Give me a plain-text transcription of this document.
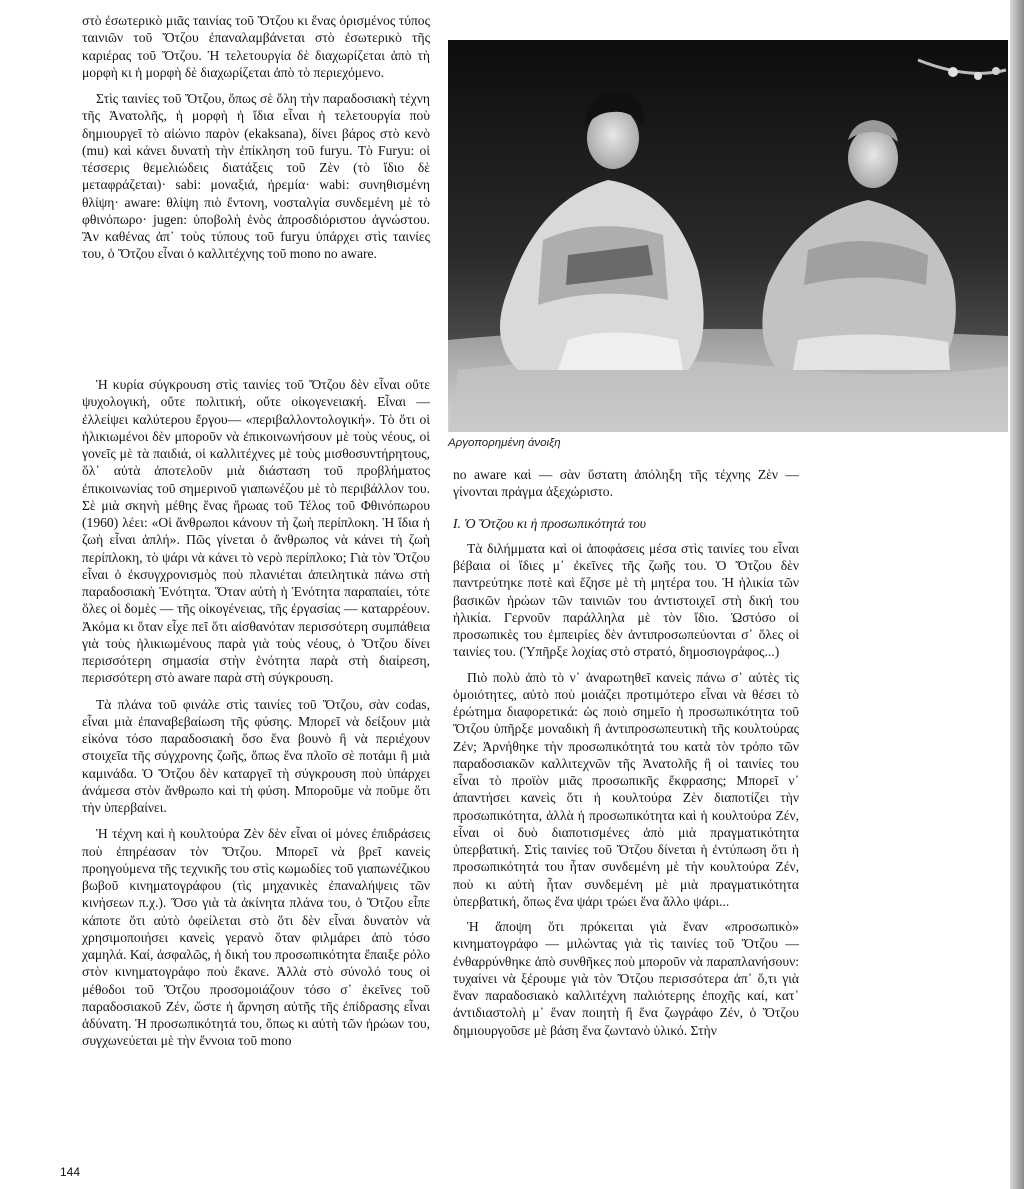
στὸ ἐσωτερικὸ μιᾶς ταινίας τοῦ Ὄτζου κι ἕνας ὁρισμένος τύπος ταινιῶν τοῦ Ὄτζου ἐπαναλαμβάνεται στὸ ἐσωτερικὸ τῆς καριέρας τοῦ Ὄτζου. Ἡ τελετουργία δὲ διαχωρίζεται ἀπὸ τὴ μορφὴ κι ἡ μορφὴ δὲ διαχωρίζεται ἀπὸ τὸ περιεχόμενο.

Στὶς ταινίες τοῦ Ὄτζου, ὅπως σὲ ὅλη τὴν παραδοσιακὴ τέχνη τῆς Ἀνατολῆς, ἡ μορφὴ ἡ ἴδια εἶναι ἡ τελετουργία ποὺ δημιουργεῖ τὸ αἰώνιο παρὸν (ekaksana), δίνει βάρος στὸ κενὸ (mu) καὶ κάνει δυνατὴ τὴν ἐπίκληση τοῦ furyu. Τὸ Furyu: οἱ τέσσερις θεμελιώδεις διατάξεις τοῦ Ζὲν (τὸ ἴδιο δὲ μεταφράζεται)· sabi: μοναξιά, ἠρεμία· wabi: συνηθισμένη θλίψη· aware: θλίψη πιὸ ἔντονη, νοσταλγία συνδεμένη μὲ τὸ φθινόπωρο· jugen: ὑποβολὴ ἑνὸς ἀπροσδιόριστου ἀγνώστου. Ἂν καθένας ἀπ᾽ τοὺς τύπους τοῦ furyu ὑπάρχει στὶς ταινίες του, ὁ Ὄτζου εἶναι ὁ καλλιτέχνης τοῦ mono no aware.

Αργοπορημένη άνοιξη

Ἡ κυρία σύγκρουση στὶς ταινίες τοῦ Ὄτζου δὲν εἶναι οὔτε ψυχολογική, οὔτε πολιτική, οὔτε οἰκογενειακή. Εἶναι —ἐλλείψει καλύτερου ἔργου— «περιβαλλοντολογική». Τὸ ὅτι οἱ ἡλικιωμένοι δὲν μποροῦν νὰ ἐπικοινωνήσουν μὲ τοὺς νέους, οἱ γονεῖς μὲ τὰ παιδιά, οἱ καλλιτέχνες μὲ τοὺς μισθοσυντήρητους, ὅλ᾽ αὐτὰ ἀποτελοῦν μιὰ διάσταση τοῦ προβλήματος ἐπικοινωνίας τοῦ σημερινοῦ γιαπωνέζου μὲ τὸ περιβάλλον του. Σὲ μιὰ σκηνὴ μέθης ἕνας ἥρωας τοῦ Τέλος τοῦ Φθινόπωρου (1960) λέει: «Οἱ ἄνθρωποι κάνουν τὴ ζωὴ περίπλοκη. Ἡ ἴδια ἡ ζωὴ εἶναι ἁπλή». Πῶς γίνεται ὁ ἄνθρωπος νὰ κάνει τὴ ζωὴ περίπλοκη, τὸ ψάρι νὰ κάνει τὸ νερὸ περίπλοκο; Γιὰ τὸν Ὄτζου εἶναι ὁ ἐκσυγχρονισμὸς ποὺ πλανιέται ἀπειλητικὰ πάνω στὴ παραδοσιακὴ Ἑνότητα. Ὅταν αὐτὴ ἡ Ἑνότητα παραπαίει, τότε ὅλες οἱ δομὲς — τῆς οἰκογένειας, τῆς ἐργασίας — καταρρέουν. Ἀκόμα κι ὅταν εἶχε πεῖ ὅτι αἰσθανόταν περισσότερη συμπάθεια γιὰ τοὺς ἡλικιωμένους παρὰ γιὰ τοὺς νέους, ὁ Ὄτζου δίνει περισσότερη σημασία στὴν ἑνότητα παρὰ στὴ διαίρεση, περισσότερη στὸ aware παρὰ στὴ σύγκρουση.

Τὰ πλάνα τοῦ φινάλε στὶς ταινίες τοῦ Ὄτζου, σὰν codas, εἶναι μιὰ ἐπαναβεβαίωση τῆς φύσης. Μπορεῖ νὰ δείξουν μιὰ εἰκόνα τόσο παραδοσιακὴ ὅσο ἕνα βουνὸ ἢ νὰ περιέχουν στοιχεῖα τῆς σύγχρονης ζωῆς, ὅπως ἕνα πλοῖο σὲ ποτάμι ἢ μιὰ καμινάδα. Ὁ Ὄτζου δὲν καταργεῖ τὴ σύγκρουση ποὺ ὑπάρχει ἀνάμεσα στὸν ἄνθρωπο καὶ τὴ φύση. Μποροῦμε νὰ ποῦμε ὅτι τὴν ὑπερβαίνει.

Ἡ τέχνη καὶ ἡ κουλτούρα Ζὲν δὲν εἶναι οἱ μόνες ἐπιδράσεις ποὺ ἐπηρέασαν τὸν Ὄτζου. Μπορεῖ νὰ βρεῖ κανεὶς προηγούμενα τῆς τεχνικῆς του στὶς κωμωδίες τοῦ γιαπωνέζικου βωβοῦ κινηματογράφου (τὶς μηχανικὲς ἐπαναλήψεις τῶν κινήσεων π.χ.). Ὅσο γιὰ τὰ ἀκίνητα πλάνα του, ὁ Ὄτζου εἶπε κάποτε ὅτι αὐτὸ ὀφείλεται στὸ ὅτι δὲν εἶναι δυνατὸν νὰ χρησιμοποιήσει κανεὶς γερανὸ ὅταν φιλμάρει ἀπὸ τόσο χαμηλά. Καί, ἀσφαλῶς, ἡ δική του προσωπικότητα ἔπαιξε ρόλο στὸν κινηματογράφο ποὺ ἔκανε. Ἀλλὰ στὸ σύνολό τους οἱ μέθοδοι τοῦ Ὄτζου προσομοιάζουν τόσο σ᾽ ἐκεῖνες τοῦ παραδοσιακοῦ Ζέν, ὥστε ἡ ἄρνηση αὐτῆς τῆς ἐπίδρασης εἶναι ἀδύνατη. Ἡ προσωπικότητά του, ὅπως κι αὐτὴ τῶν ἡρώων του, συγχωνεύεται μὲ τὴν ἔννοια τοῦ mono

no aware καὶ — σὰν ὕστατη ἀπόληξη τῆς τέχνης Ζὲν — γίνονται πράγμα ἀξεχώριστο.

Ι. Ὁ Ὄτζου κι ἡ προσωπικότητά του

Τὰ διλήμματα καὶ οἱ ἀποφάσεις μέσα στὶς ταινίες του εἶναι βέβαια οἱ ἴδιες μ᾽ ἐκεῖνες τῆς ζωῆς του. Ὁ Ὄτζου δὲν παντρεύτηκε ποτὲ καὶ ἔζησε μὲ τὴ μητέρα του. Ἡ ἡλικία τῶν βασικῶν ἡρώων τῶν ταινιῶν του ἀντιστοιχεῖ στὴ δική του ἡλικία. Γερνοῦν παράλληλα μὲ τὸν ἴδιο. Ὡστόσο οἱ προσωπικὲς του ἐμπειρίες δὲν ἀντιπροσωπεύονται σ᾽ ὅλες οἱ ταινίες του. (Ὑπῆρξε λοχίας στὸ στρατό, δημοσιογράφος...)

Πιὸ πολὺ ἀπὸ τὸ ν᾽ ἀναρωτηθεῖ κανεὶς πάνω σ᾽ αὐτὲς τὶς ὁμοιότητες, αὐτὸ ποὺ μοιάζει προτιμότερο εἶναι νὰ θέσει τὸ ἐρώτημα διαφορετικά: ὡς ποιὸ σημεῖο ἡ προσωπικότητα τοῦ Ὄτζου ὑπῆρξε μοναδικὴ ἢ ἀντιπροσωπευτικὴ τῆς κουλτούρας Ζέν; Ἀρνήθηκε τὴν προσωπικότητά του κατὰ τὸν τρόπο τῶν παραδοσιακῶν καλλιτεχνῶν τῆς Ἀνατολῆς ἢ οἱ ταινίες του εἶναι τὸ προϊὸν μιᾶς προσωπικῆς ἔκφρασης; Μπορεῖ ν᾽ ἀπαντήσει κανεὶς ὅτι ἡ κουλτούρα Ζὲν διαποτίζει τὴν προσωπικότητα, ἀλλὰ ἡ προσωπικότητα καὶ ἡ κουλτούρα Ζέν, εἶναι οἱ δυὸ διαποτισμένες ἀπὸ μιὰ πραγματικότητα ὑπερβατική. Στὶς ταινίες τοῦ Ὄτζου δίνεται ἡ ἐντύπωση ὅτι ἡ προσωπικότητά του ἦταν συνδεμένη μὲ τὴν κουλτούρα Ζέν, ποὺ κι αὐτὴ ἦταν συνδεμένη μὲ μιὰ πραγματικότητα ὑπερβατική, ὅπως ἕνα ψάρι τρώει ἕνα ἄλλο ψάρι...

Ἡ ἄποψη ὅτι πρόκειται γιὰ ἕναν «προσωπικὸ» κινηματογράφο — μιλώντας γιὰ τὶς ταινίες τοῦ Ὄτζου — ἐνθαρρύνθηκε ἀπὸ συνθῆκες ποὺ μποροῦν νὰ παραπλανήσουν: τυχαίνει νὰ ξέρουμε γιὰ τὸν Ὄτζου περισσότερα ἀπ᾽ ὅ,τι γιὰ ἕναν παραδοσιακὸ καλλιτέχνη παλιότερης ἐποχῆς καί, κατ᾽ ἀντιδιαστολὴ μ᾽ ἕναν ποιητὴ ἢ ἕνα ζωγράφο Ζέν, ὁ Ὄτζου δημιουργοῦσε μὲ βάση ἕνα ζωντανὸ ὑλικό. Στὴν

144
